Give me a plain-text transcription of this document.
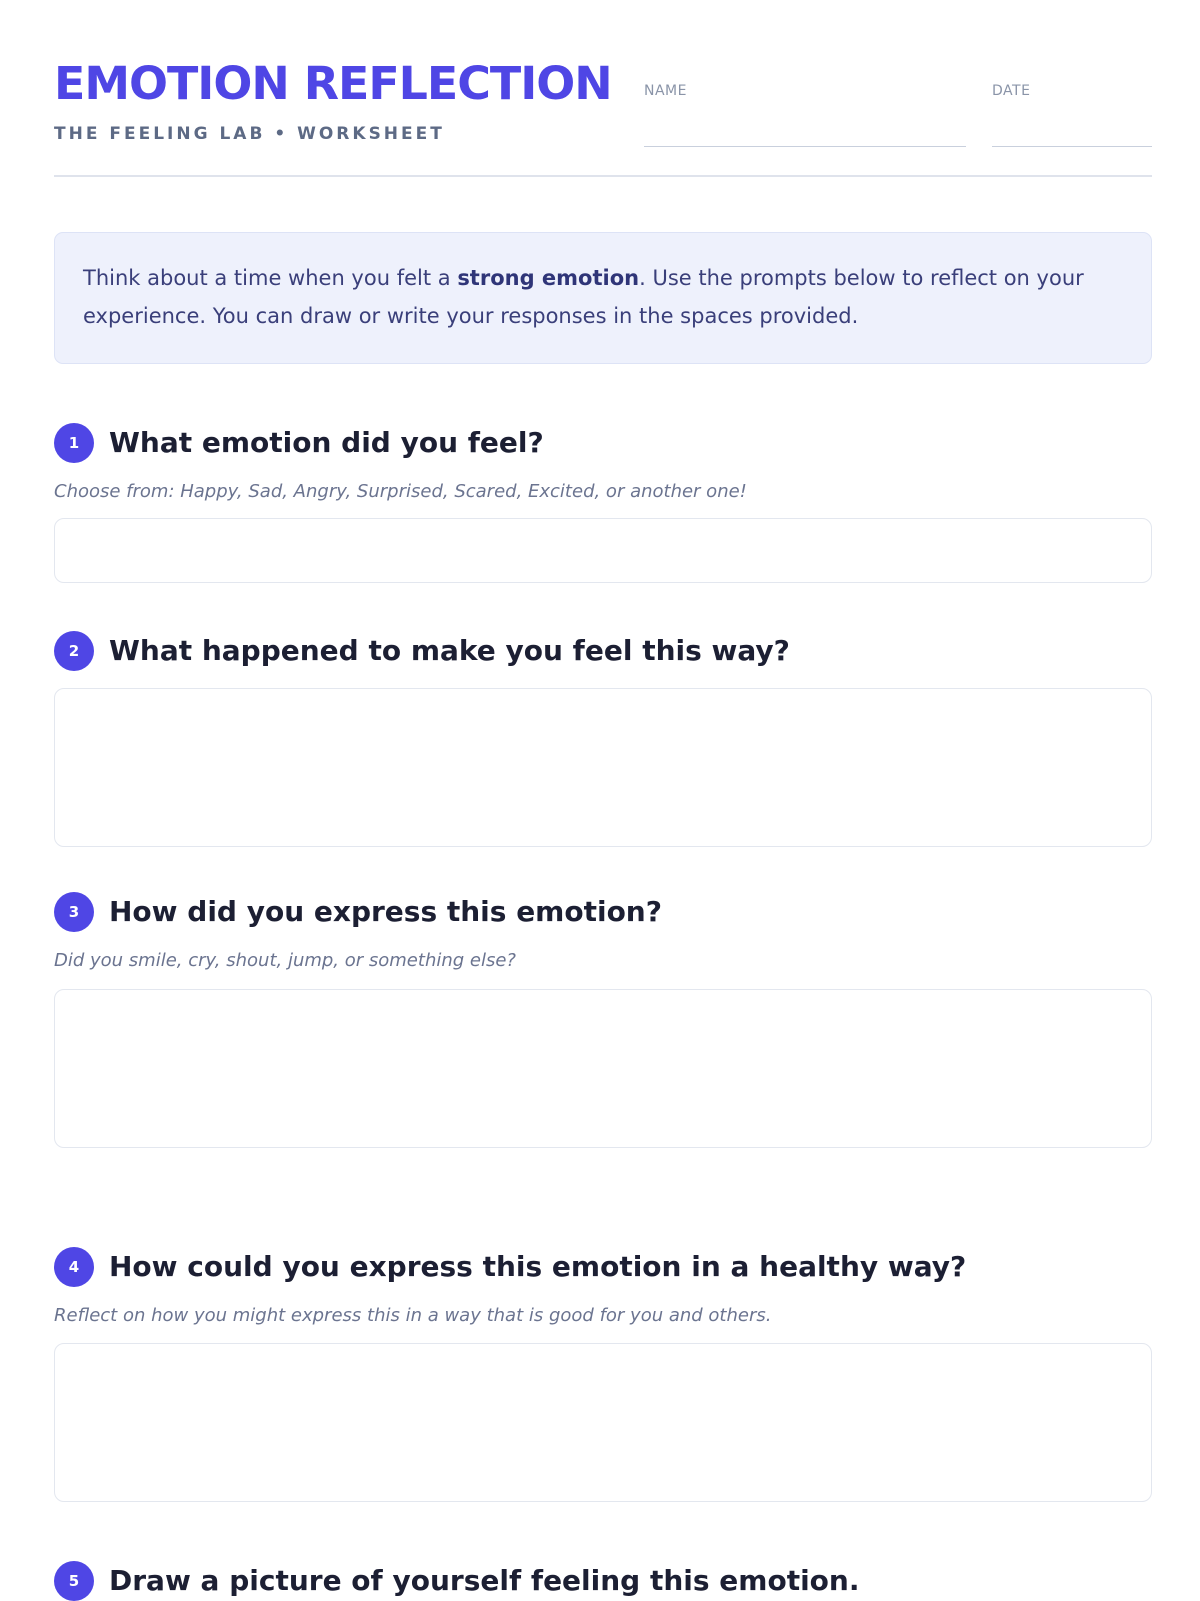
EMOTION REFLECTION
THE FEELING LAB • WORKSHEET
NAME	DATE
Think about a time when you felt a strong emotion. Use the prompts below to reflect on your experience. You can draw or write your responses in the spaces provided.
1	What emotion did you feel?
Choose from: Happy, Sad, Angry, Surprised, Scared, Excited, or another one!
2	What happened to make you feel this way?
3	How did you express this emotion?
Did you smile, cry, shout, jump, or something else?
4	How could you express this emotion in a healthy way?
Reflect on how you might express this in a way that is good for you and others.
5	Draw a picture of yourself feeling this emotion.
